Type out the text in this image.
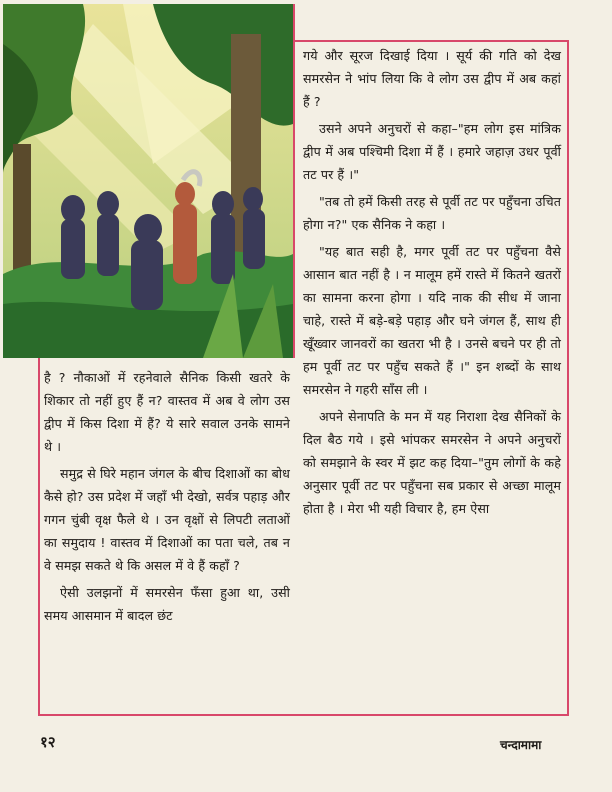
गये और सूरज दिखाई दिया । सूर्य की गति को देख समरसेन ने भांप लिया कि वे लोग उस द्वीप में अब कहां हैं ?

उसने अपने अनुचरों से कहा–"हम लोग इस मांत्रिक द्वीप में अब पश्चिमी दिशा में हैं । हमारे जहाज़ उधर पूर्वी तट पर हैं ।"

"तब तो हमें किसी तरह से पूर्वी तट पर पहुँचना उचित होगा न?" एक सैनिक ने कहा ।

"यह बात सही है, मगर पूर्वी तट पर पहुँचना वैसे आसान बात नहीं है । न मालूम हमें रास्ते में कितने खतरों का सामना करना होगा । यदि नाक की सीध में जाना चाहे, रास्ते में बड़े-बड़े पहाड़ और घने जंगल हैं, साथ ही खूँख्वार जानवरों का खतरा भी है । उनसे बचने पर ही तो हम पूर्वी तट पर पहुँच सकते हैं ।" इन शब्दों के साथ समरसेन ने गहरी साँस ली ।

अपने सेनापति के मन में यह निराशा देख सैनिकों के दिल बैठ गये । इसे भांपकर समरसेन ने अपने अनुचरों को समझाने के स्वर में झट कह दिया–"तुम लोगों के कहे अनुसार पूर्वी तट पर पहुँचना सब प्रकार से अच्छा मालूम होता है । मेरा भी यही विचार है, हम ऐसा

है ? नौकाओं में रहनेवाले सैनिक किसी खतरे के शिकार तो नहीं हुए हैं न? वास्तव में अब वे लोग उस द्वीप में किस दिशा में हैं? ये सारे सवाल उनके सामने थे ।

समुद्र से घिरे महान जंगल के बीच दिशाओं का बोध कैसे हो? उस प्रदेश में जहाँ भी देखो, सर्वत्र पहाड़ और गगन चुंबी वृक्ष फैले थे । उन वृक्षों से लिपटी लताओं का समुदाय ! वास्तव में दिशाओं का पता चले, तब न वे समझ सकते थे कि असल में वे हैं कहाँ ?

ऐसी उलझनों में समरसेन फँसा हुआ था, उसी समय आसमान में बादल छंट

१२	चन्दामामा
